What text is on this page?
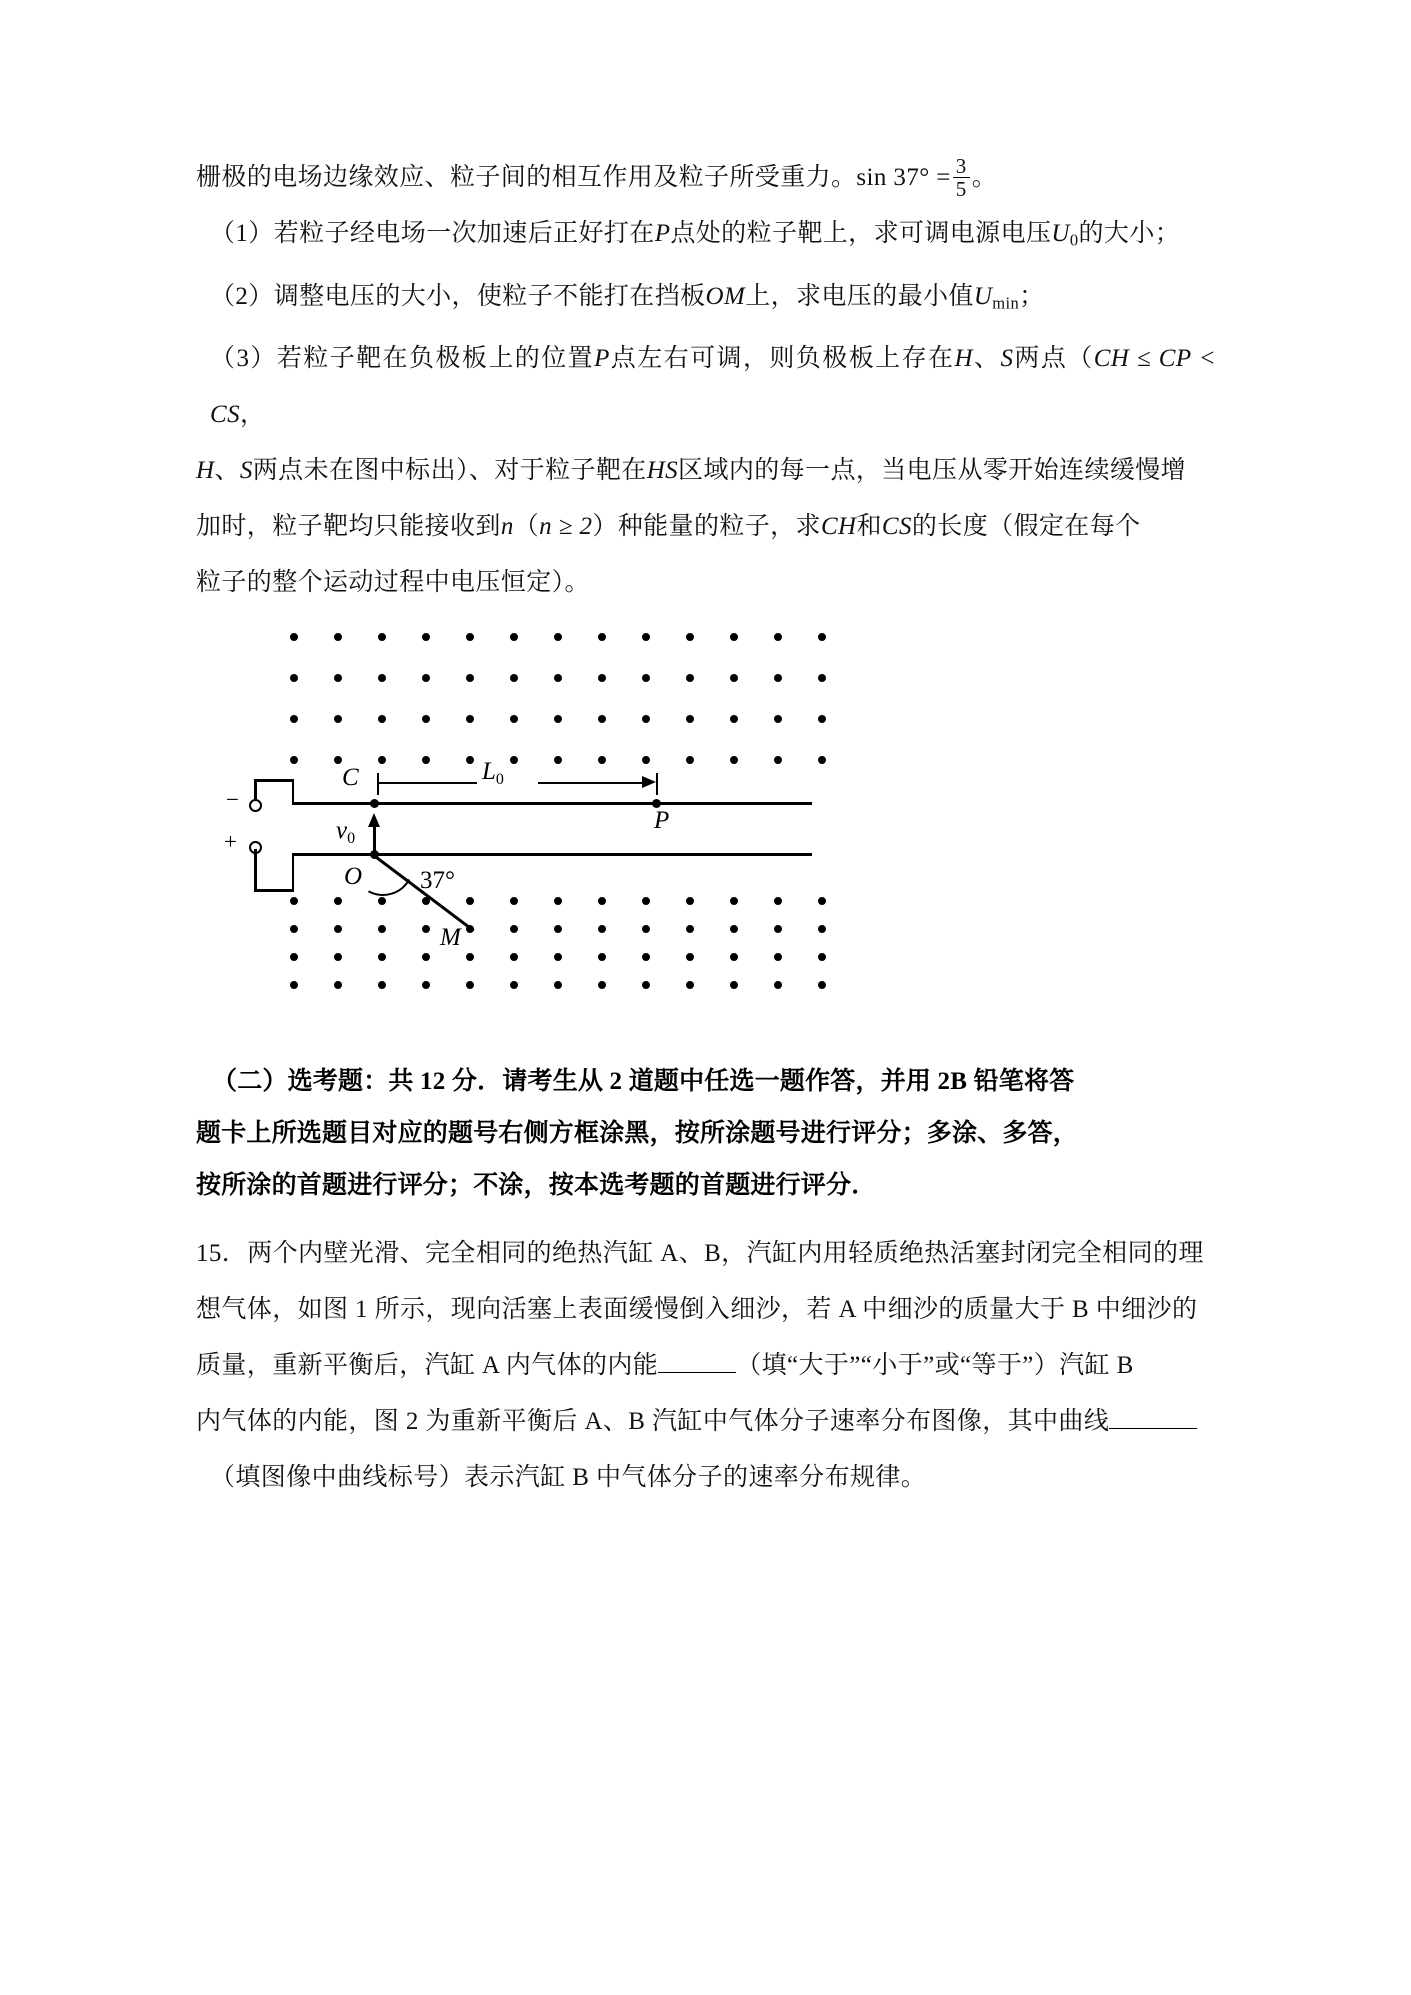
栅极的电场边缘效应、粒子间的相互作用及粒子所受重力。$\sin 37^\circ = \frac{3}{5}$ 。
（1）若粒子经电场一次加速后正好打在P点处的粒子靶上，求可调电源电压$U_0$的大小；
（2）调整电压的大小，使粒子不能打在挡板OM上，求电压的最小值$U_{min}$；
（3）若粒子靶在负极板上的位置P点左右可调，则负极板上存在H、S两点（CH ≤ CP < CS，
H、S两点未在图中标出）、对于粒子靶在HS区域内的每一点，当电压从零开始连续缓慢增
加时，粒子靶均只能接收到n（n ≥ 2）种能量的粒子，求CH和CS的长度（假定在每个
粒子的整个运动过程中电压恒定）。
−
+
C	L0
P
v0
O 37°
M
（二）选考题：共 12 分．请考生从 2 道题中任选一题作答，并用 2B 铅笔将答
题卡上所选题目对应的题号右侧方框涂黑，按所涂题号进行评分；多涂、多答，
按所涂的首题进行评分；不涂，按本选考题的首题进行评分．
15．两个内壁光滑、完全相同的绝热汽缸 A、B，汽缸内用轻质绝热活塞封闭完全相同的理
想气体，如图 1 所示，现向活塞上表面缓慢倒入细沙，若 A 中细沙的质量大于 B 中细沙的
质量，重新平衡后，汽缸 A 内气体的内能	（填“大于”“小于”或“等于”）汽缸 B
内气体的内能，图 2 为重新平衡后 A、B 汽缸中气体分子速率分布图像，其中曲线
（填图像中曲线标号）表示汽缸 B 中气体分子的速率分布规律。
